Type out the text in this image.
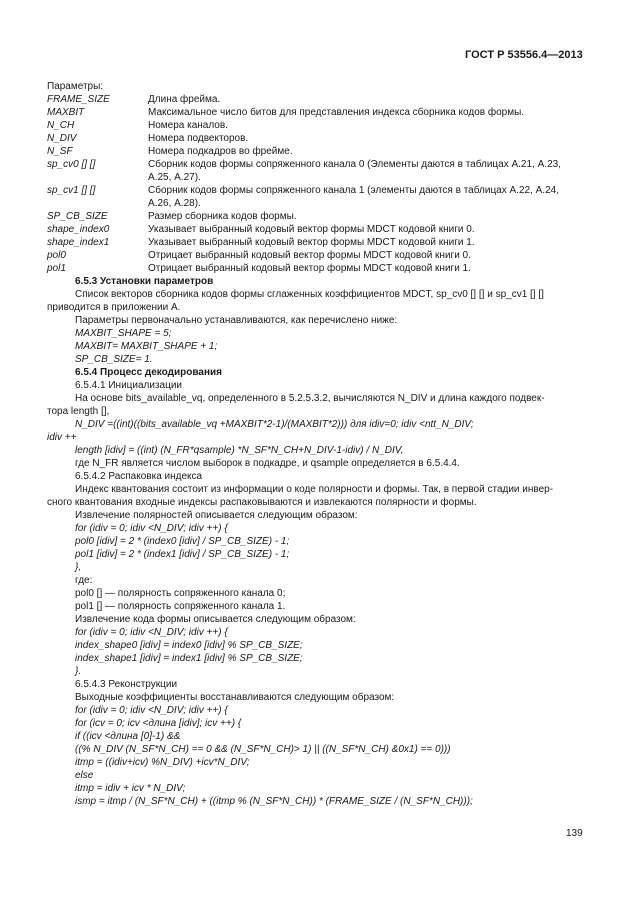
ГОСТ Р 53556.4—2013
Параметры:
FRAME_SIZE	Длина фрейма.
MAXBIT	Максимальное число битов для представления индекса сборника кодов формы.
N_CH	Номера каналов.
N_DIV	Номера подвекторов.
N_SF	Номера подкадров во фрейме.
sp_cv0 [] []	Сборник кодов формы сопряженного канала 0 (Элементы даются в таблицах А.21, А.23,
А.25, А.27).
sp_cv1 [] []	Сборник кодов формы сопряженного канала 1 (элементы даются в таблицах А.22, А.24,
А.26, А.28).
SP_CB_SIZE	Размер сборника кодов формы.
shape_index0	Указывает выбранный кодовый вектор формы MDCT кодовой книги 0.
shape_index1	Указывает выбранный кодовый вектор формы MDCT кодовой книги 1.
pol0	Отрицает выбранный кодовый вектор формы MDCT кодовой книги 0.
pol1	Отрицает выбранный кодовый вектор формы MDCT кодовой книги 1.
6.5.3 Установки параметров
Список векторов сборника кодов формы сглаженных коэффициентов MDCT, sp_cv0 [] [] и sp_cv1 [] []
приводится в приложении А.
Параметры первоначально устанавливаются, как перечислено ниже:
MAXBIT_SHAPE = 5;
MAXBIT= MAXBIT_SHAPE + 1;
SP_CB_SIZE= 1.
6.5.4 Процесс декодирования
6.5.4.1 Инициализации
На основе bits_available_vq, определенного в 5.2.5.3.2, вычисляются N_DIV и длина каждого подвек-
тора length [],
N_DIV =((int)((bits_available_vq +MAXBIT*2-1)/(MAXBIT*2))) для idiv=0; idiv <ntt_N_DIV;
idiv ++
length [idiv] = ((int) (N_FR*qsample) *N_SF*N_CH+N_DIV-1-idiv) / N_DIV,
где N_FR является числом выборок в подкадре, и qsample определяется в 6.5.4.4.
6.5.4.2 Распаковка индекса
Индекс квантования состоит из информации о коде полярности и формы. Так, в первой стадии инвер-
сного квантования входные индексы распаковываются и извлекаются полярности и формы.
Извлечение полярностей описывается следующим образом:
for (idiv = 0; idiv <N_DIV; idiv ++) {
pol0 [idiv] = 2 * (index0 [idiv] / SP_CB_SIZE) - 1;
pol1 [idiv] = 2 * (index1 [idiv] / SP_CB_SIZE) - 1;
},
где:
pol0 [] — полярность сопряженного канала 0;
pol1 [] — полярность сопряженного канала 1.
Извлечение кода формы описывается следующим образом:
for (idiv = 0; idiv <N_DIV; idiv ++) {
index_shape0 [idiv] = index0 [idiv] % SP_CB_SIZE;
index_shape1 [idiv] = index1 [idiv] % SP_CB_SIZE;
}.
6.5.4.3 Реконструкции
Выходные коэффициенты восстанавливаются следующим образом:
for (idiv = 0; idiv <N_DIV; idiv ++) {
for (icv = 0; icv <длина [idiv]; icv ++) {
if ((icv <длина [0]-1) &&
((% N_DIV (N_SF*N_CH) == 0 && (N_SF*N_CH)> 1) || ((N_SF*N_CH) &0x1) == 0)))
itmp = ((idiv+icv) %N_DIV) +icv*N_DIV;
else
itmp = idiv + icv * N_DIV;
ismp = itmp / (N_SF*N_CH) + ((itmp % (N_SF*N_CH)) * (FRAME_SIZE / (N_SF*N_CH)));
139
